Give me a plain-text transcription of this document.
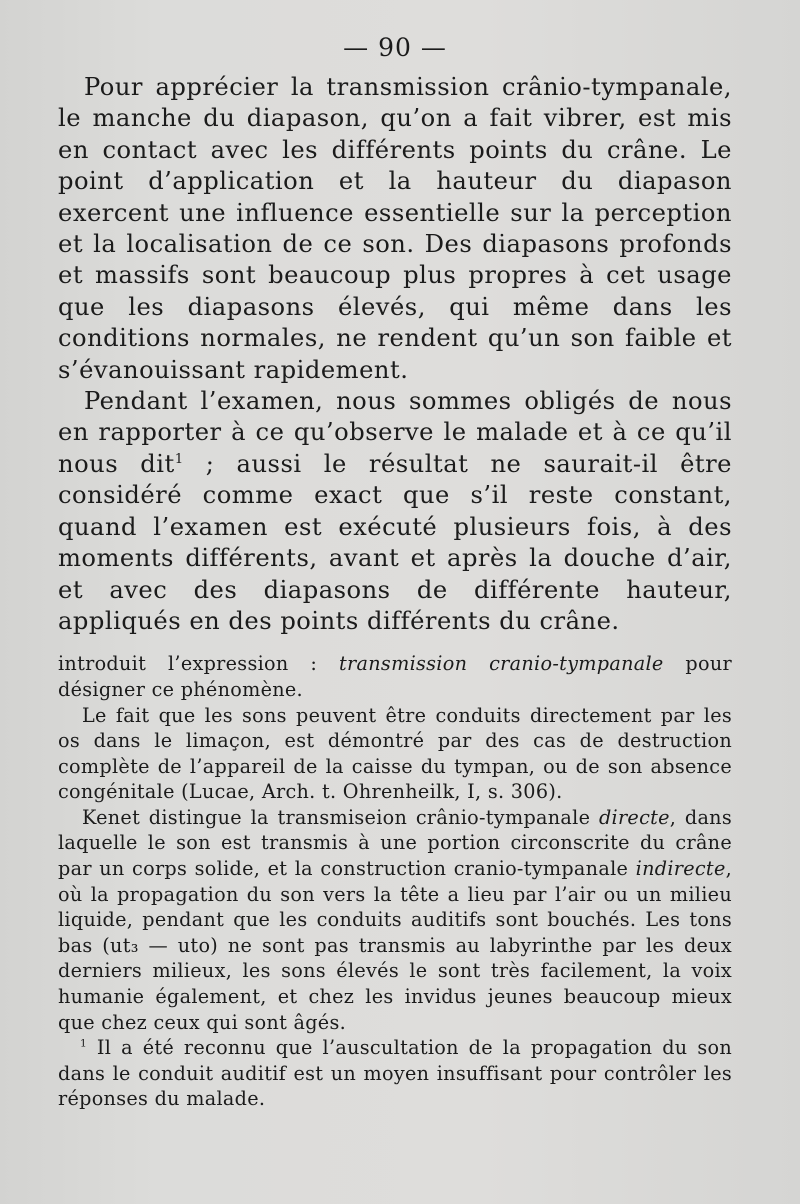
— 90 —

Pour apprécier la transmission crânio-tympanale, le manche du diapason, qu’on a fait vibrer, est mis en contact avec les différents points du crâne. Le point d’application et la hauteur du diapason exercent une influence essentielle sur la perception et la localisation de ce son. Des diapasons profonds et massifs sont beaucoup plus propres à cet usage que les diapasons élevés, qui même dans les conditions normales, ne rendent qu’un son faible et s’évanouissant rapidement.

Pendant l’examen, nous sommes obligés de nous en rapporter à ce qu’observe le malade et à ce qu’il nous dit$^1$ ; aussi le résultat ne saurait-il être considéré comme exact que s’il reste constant, quand l’examen est exécuté plusieurs fois, à des moments différents, avant et après la douche d’air, et avec des diapasons de différente hauteur, appliqués en des points différents du crâne.

introduit l’expression : transmission cranio-tympanale pour désigner ce phénomène.

Le fait que les sons peuvent être conduits directement par les os dans le limaçon, est démontré par des cas de destruction complète de l’appareil de la caisse du tympan, ou de son absence congénitale (Lucae, Arch. t. Ohrenheilk, I, s. 306).

Kenet distingue la transmiseion crânio-tympanale directe, dans laquelle le son est transmis à une portion circonscrite du crâne par un corps solide, et la construction cranio-tympanale indirecte, où la propagation du son vers la tête a lieu par l’air ou un milieu liquide, pendant que les conduits auditifs sont bouchés. Les tons bas (ut₃ — uto) ne sont pas transmis au labyrinthe par les deux derniers milieux, les sons élevés le sont très facilement, la voix humanie également, et chez les invidus jeunes beaucoup mieux que chez ceux qui sont âgés.

$^1$ Il a été reconnu que l’auscultation de la propagation du son dans le conduit auditif est un moyen insuffisant pour contrôler les réponses du malade.
